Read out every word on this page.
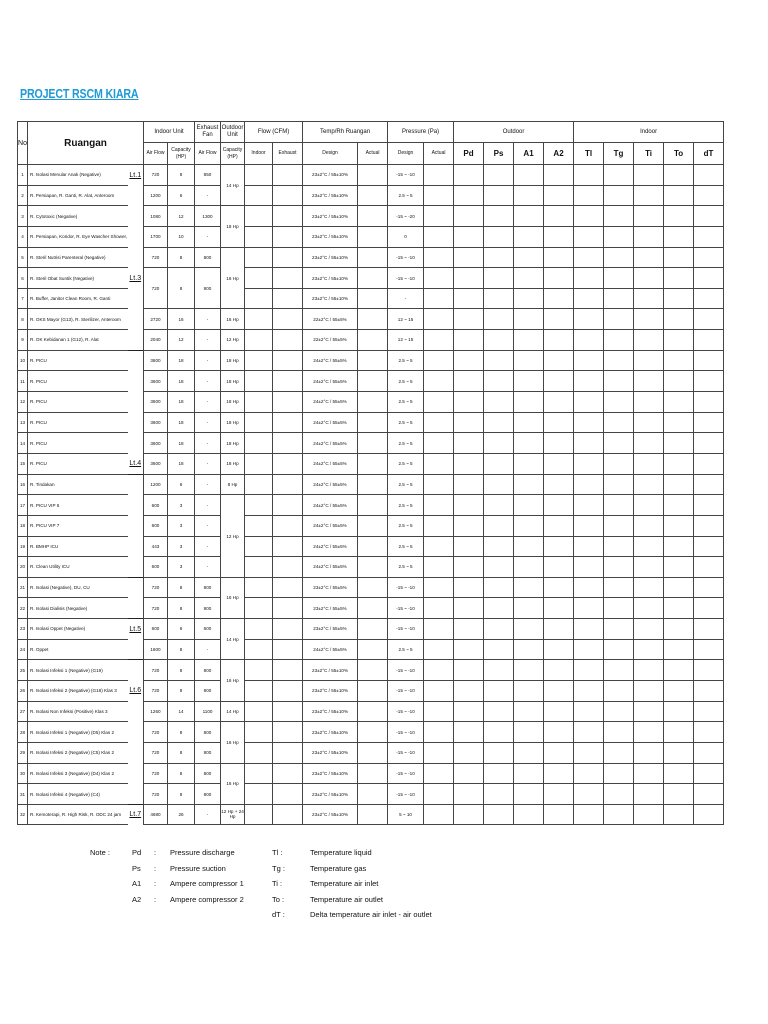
PROJECT RSCM KIARA
No	Ruangan		Indoor Unit		Exhaust Fan	Outdoor Unit	Flow (CFM)		Temp/Rh Ruangan		Pressure (Pa)		Outdoor				Indoor				
			Air Flow	Capacity (HP)	Air Flow	Capacity (HP)	Indoor	Exhaust	Design	Actual	Design	Actual	Pd	Ps	A1	A2	Tl	Tg	Ti	To	dT
1	R. Isolasi Menular Anak (Negative)	Lt.1	720	8	850	14 Hp			23±2°C / 55±10%		-15 ~ -10										
2	R. Persiapan, R. Ganti, R. Alat, Anteroom		1200	6	-				23±2°C / 55±10%		2.5 ~ 5										
3	R. Cytotoxic (Negative)		1080	12	1300	18 Hp			23±2°C / 55±10%		-15 ~ -20										
4	R. Persiapan, Koridor, R. Eye Wascher Shower,		1700	10	-				23±2°C / 55±10%		0										
5	R. Steril Nutrisi Parenteral (Negative)		720	8	800	16 Hp			23±2°C / 55±10%		-15 ~ -10										
6	R. Steril Obat Suntik (Negative)	Lt.3	720	8	800				23±2°C / 55±10%		-15 ~ -10										
7	R. Buffer, Janitor Clean Room, R. Ganti								23±2°C / 55±10%		-										
8	R. OKS Mayor (G13), R. Sterilizer, Anteroom		2720	16	-	16 Hp			22±2°C / 55±5%		12 ~ 15										
9	R. OK Kebidanan 1 (G12), R. Alat		2040	12	-	12 Hp			22±2°C / 55±5%		12 ~ 15										
10	R. PICU		3600	18	-	18 Hp			24±2°C / 55±5%		2.5 ~ 5										
11	R. PICU		3600	18	-	18 Hp			24±2°C / 55±5%		2.5 ~ 5										
12	R. PICU		3600	18	-	18 Hp			24±2°C / 55±5%		2.5 ~ 5										
13	R. PICU		3600	18	-	18 Hp			24±2°C / 55±5%		2.5 ~ 5										
14	R. PICU		3600	18	-	18 Hp			24±2°C / 55±5%		2.5 ~ 5										
15	R. PICU	Lt.4	3600	18	-	18 Hp			24±2°C / 55±5%		2.5 ~ 5										
16	R. Tindakan		1200	6	-	8 Hp			24±2°C / 55±5%		2.5 ~ 5										
17	R. PICU VIP 6		600	3	-	12 Hp			24±2°C / 55±5%		2.5 ~ 5										
18	R. PICU VIP 7		600	3	-				24±2°C / 55±5%		2.5 ~ 5										
19	R. BMHP ICU		443	3	-				24±2°C / 55±5%		2.5 ~ 5										
20	R. Clean Utility ICU		600	3	-				24±2°C / 55±5%		2.5 ~ 5										
21	R. Isolasi (Negative), DU, CU		720	8	800	16 Hp			23±2°C / 55±5%		-15 ~ -10										
22	R. Isolasi Dialisis (Negative)		720	8	800				23±2°C / 55±5%		-15 ~ -10										
23	R. Isolasi Oppet (Negative)	Lt.5	600	6	600	14 Hp			23±2°C / 55±5%		-15 ~ -10										
24	R. Oppet		1600	8	-				24±2°C / 55±5%		2.5 ~ 5										
25	R. Isolasi Infeksi 1 (Negative) (G19)		720	8	800	16 Hp			23±2°C / 55±10%		-15 ~ -10										
26	R. Isolasi Infeksi 2 (Negative) (G18) Klas 3	Lt.6	720	8	800				23±2°C / 55±10%		-15 ~ -10										
27	R. Isolasi Non Infeksi (Positive) Klas 3		1260	14	1100	14 Hp			23±2°C / 55±10%		-15 ~ -10										
28	R. Isolasi Infeksi 1 (Negative) (D5) Klas 2		720	8	800	16 Hp			23±2°C / 55±10%		-15 ~ -10										
29	R. Isolasi Infeksi 2 (Negative) (C5) Klas 2		720	8	800				23±2°C / 55±10%		-15 ~ -10										
30	R. Isolasi Infeksi 3 (Negative) (D4) Klas 2		720	8	800	16 Hp			23±2°C / 55±10%		-15 ~ -10										
31	R. Isolasi Infeksi 4 (Negative) (C4)		720	8	800				23±2°C / 55±10%		-15 ~ -10										
32	R. Kemoterapi, R. High Risk, R. ODC 24 jam	Lt.7	4680	26	-	12 Hp + 24 Hp			23±2°C / 55±10%		5 ~ 10										
Note :	Pd : Pressure discharge
Ps : Pressure suction
A1 : Ampere compressor 1
A2 : Ampere compressor 2
Tl :	Temperature liquid
Tg :	Temperature gas
Ti :	Temperature air inlet
To :	Temperature air outlet
dT :	Delta temperature air inlet - air outlet
